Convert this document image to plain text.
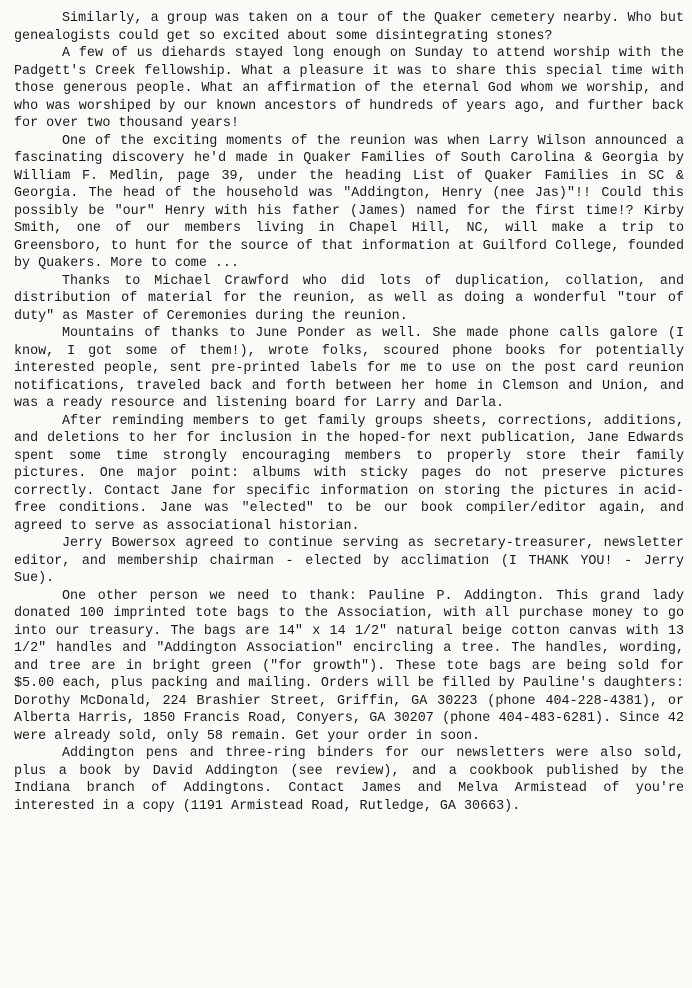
Similarly, a group was taken on a tour of the Quaker cemetery nearby. Who but genealogists could get so excited about some disintegrating stones?

A few of us diehards stayed long enough on Sunday to attend worship with the Padgett's Creek fellowship. What a pleasure it was to share this special time with those generous people. What an affirmation of the eternal God whom we worship, and who was worshiped by our known ancestors of hundreds of years ago, and further back for over two thousand years!

One of the exciting moments of the reunion was when Larry Wilson announced a fascinating discovery he'd made in Quaker Families of South Carolina & Georgia by William F. Medlin, page 39, under the heading List of Quaker Families in SC & Georgia. The head of the household was "Addington, Henry (nee Jas)"!! Could this possibly be "our" Henry with his father (James) named for the first time!? Kirby Smith, one of our members living in Chapel Hill, NC, will make a trip to Greensboro, to hunt for the source of that information at Guilford College, founded by Quakers. More to come ...

Thanks to Michael Crawford who did lots of duplication, collation, and distribution of material for the reunion, as well as doing a wonderful "tour of duty" as Master of Ceremonies during the reunion.

Mountains of thanks to June Ponder as well. She made phone calls galore (I know, I got some of them!), wrote folks, scoured phone books for potentially interested people, sent pre-printed labels for me to use on the post card reunion notifications, traveled back and forth between her home in Clemson and Union, and was a ready resource and listening board for Larry and Darla.

After reminding members to get family groups sheets, corrections, additions, and deletions to her for inclusion in the hoped-for next publication, Jane Edwards spent some time strongly encouraging members to properly store their family pictures. One major point: albums with sticky pages do not preserve pictures correctly. Contact Jane for specific information on storing the pictures in acid-free conditions. Jane was "elected" to be our book compiler/editor again, and agreed to serve as associational historian.

Jerry Bowersox agreed to continue serving as secretary-treasurer, newsletter editor, and membership chairman - elected by acclimation (I THANK YOU! - Jerry Sue).

One other person we need to thank: Pauline P. Addington. This grand lady donated 100 imprinted tote bags to the Association, with all purchase money to go into our treasury. The bags are 14" x 14 1/2" natural beige cotton canvas with 13 1/2" handles and "Addington Association" encircling a tree. The handles, wording, and tree are in bright green ("for growth"). These tote bags are being sold for $5.00 each, plus packing and mailing. Orders will be filled by Pauline's daughters: Dorothy McDonald, 224 Brashier Street, Griffin, GA 30223 (phone 404-228-4381), or Alberta Harris, 1850 Francis Road, Conyers, GA 30207 (phone 404-483-6281). Since 42 were already sold, only 58 remain. Get your order in soon.

Addington pens and three-ring binders for our newsletters were also sold, plus a book by David Addington (see review), and a cookbook published by the Indiana branch of Addingtons. Contact James and Melva Armistead of you're interested in a copy (1191 Armistead Road, Rutledge, GA 30663).
